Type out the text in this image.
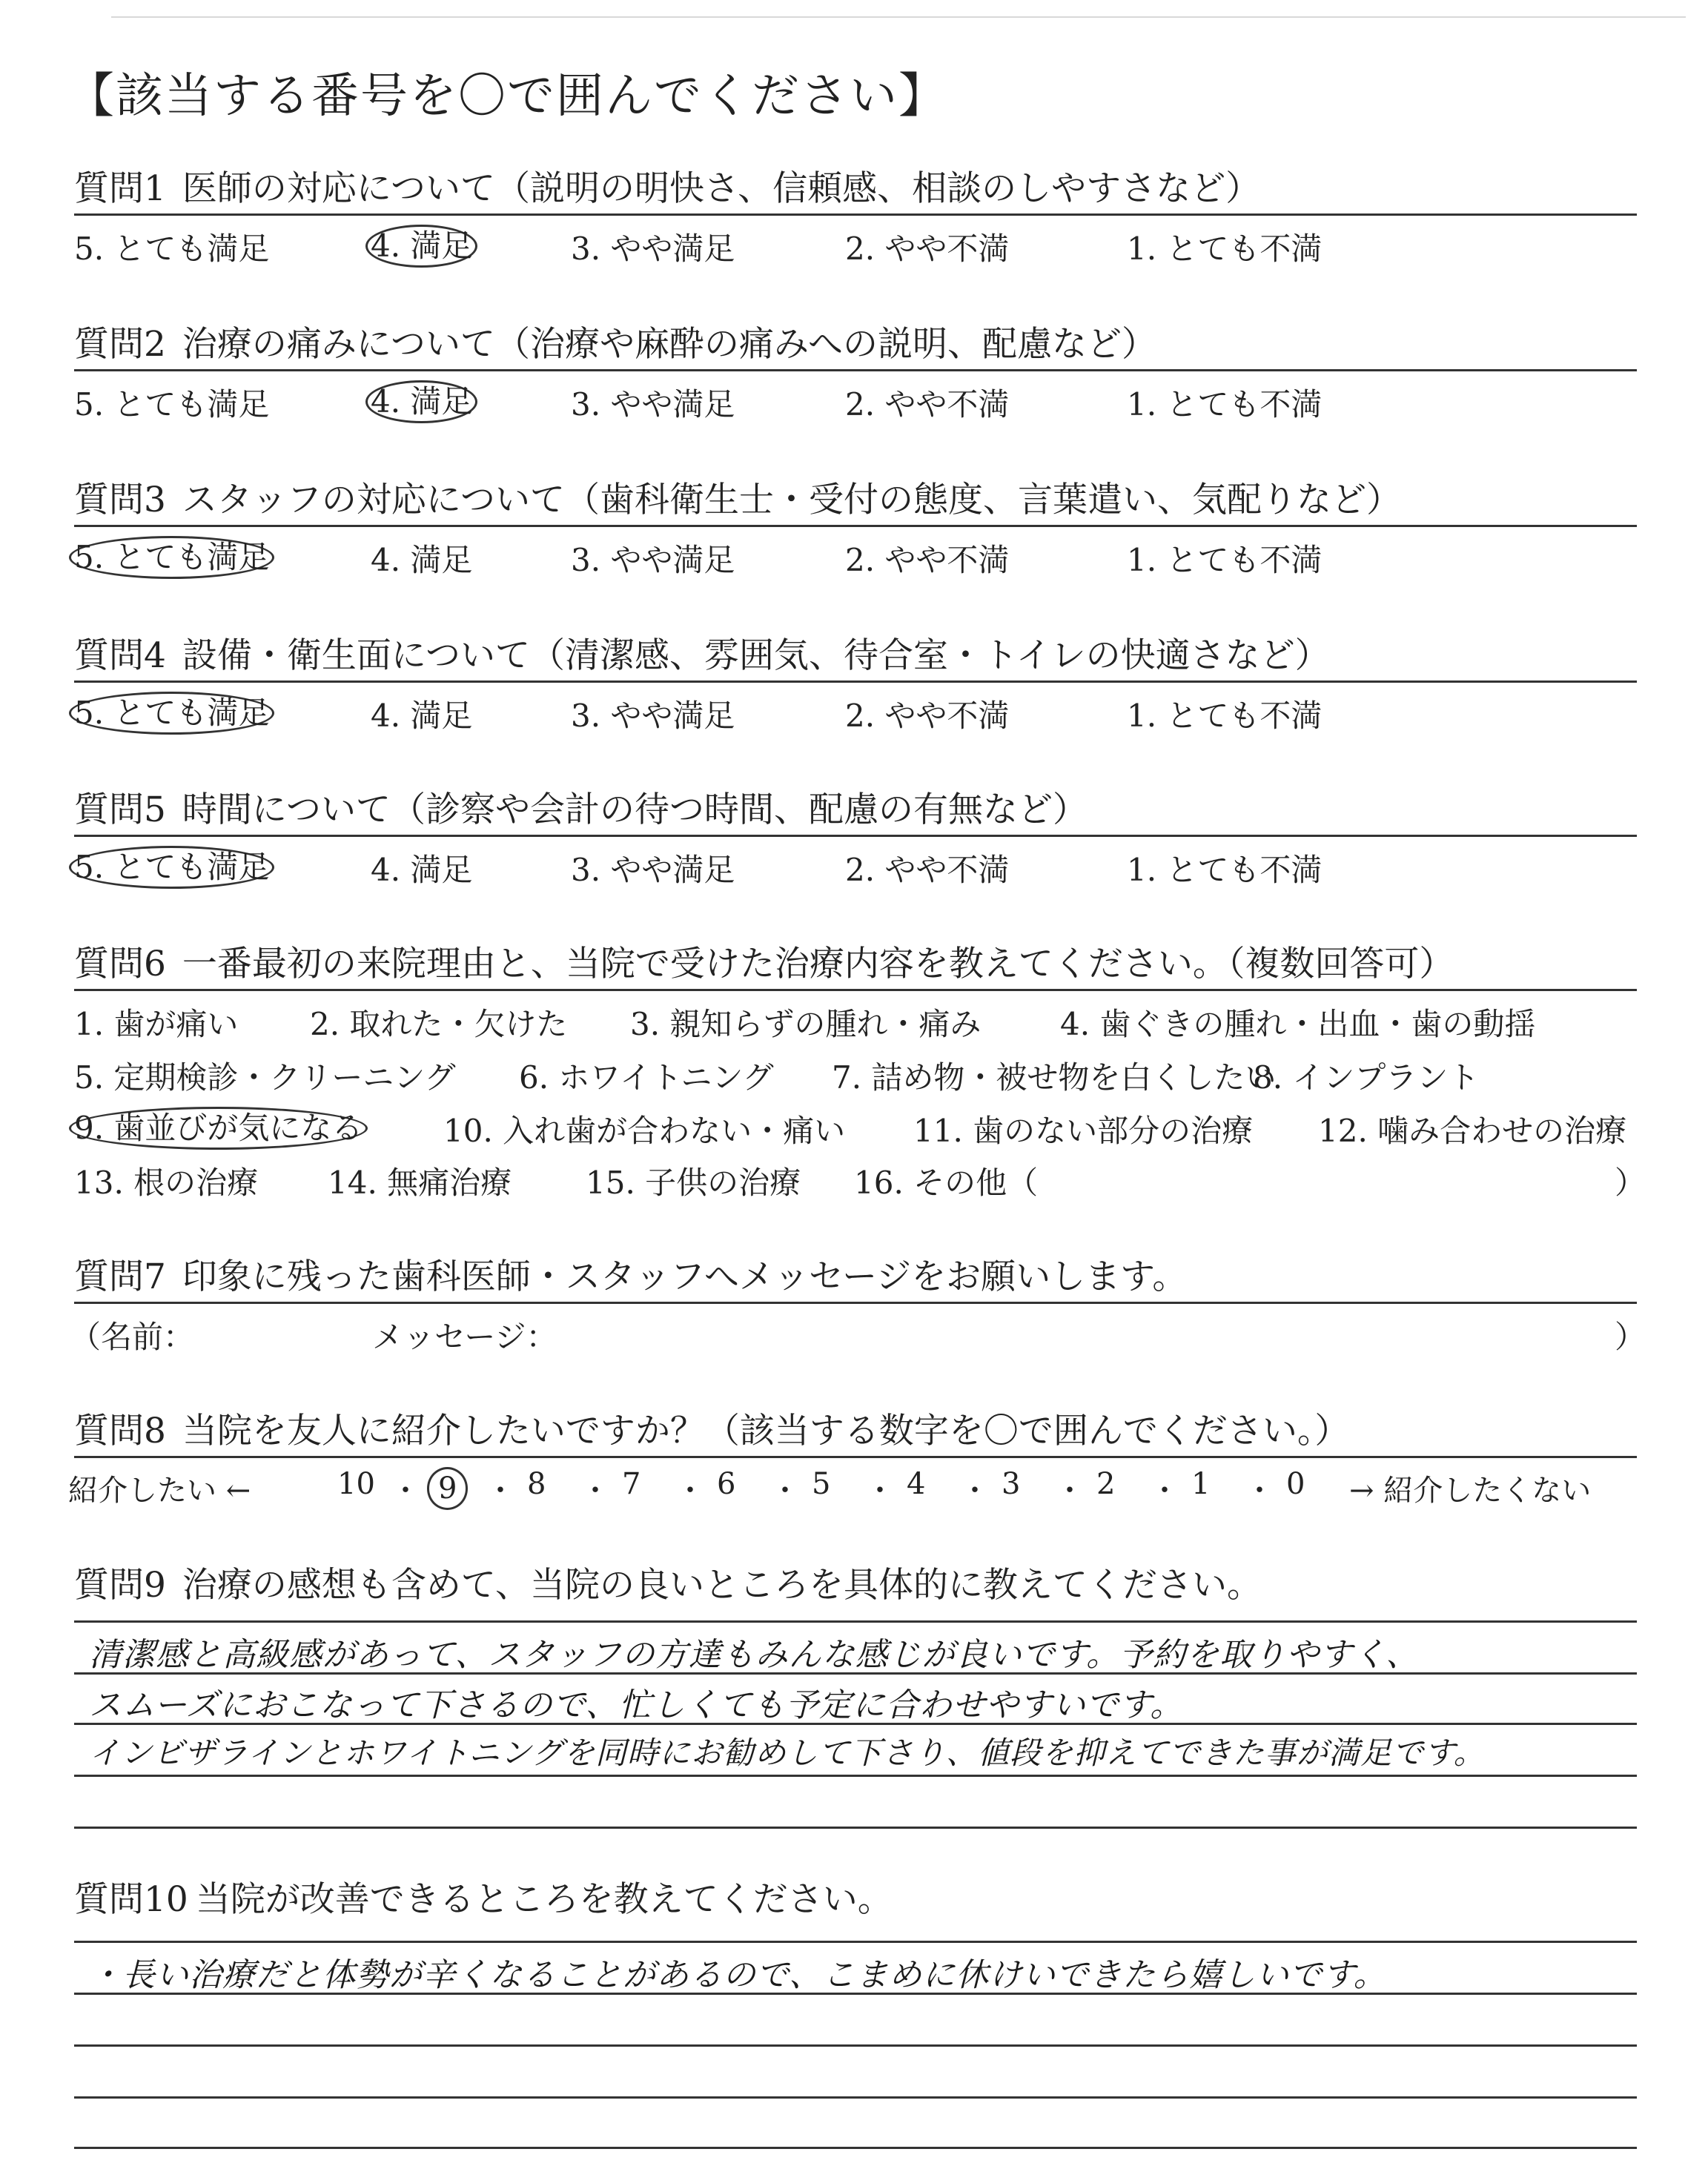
【該当する番号を〇で囲んでください】
質問1 医師の対応について（説明の明快さ、信頼感、相談のしやすさなど）
5. とても満足	4. 満足	3. やや満足	2. やや不満	1. とても不満
質問2 治療の痛みについて（治療や麻酔の痛みへの説明、配慮など）
5. とても満足	4. 満足	3. やや満足	2. やや不満	1. とても不満
質問3 スタッフの対応について（歯科衛生士・受付の態度、言葉遣い、気配りなど）
5. とても満足	4. 満足	3. やや満足	2. やや不満	1. とても不満
質問4 設備・衛生面について（清潔感、雰囲気、待合室・トイレの快適さなど）
5. とても満足	4. 満足	3. やや満足	2. やや不満	1. とても不満
質問5 時間について（診察や会計の待つ時間、配慮の有無など）
5. とても満足	4. 満足	3. やや満足	2. やや不満	1. とても不満
質問6 一番最初の来院理由と、当院で受けた治療内容を教えてください。（複数回答可）
1. 歯が痛い 2. 取れた・欠けた 3. 親知らずの腫れ・痛み	4. 歯ぐきの腫れ・出血・歯の動揺
5. 定期検診・クリーニング 6. ホワイトニング 7. 詰め物・被せ物を白くしたい
8. インプラント
9. 歯並びが気になる	10. 入れ歯が合わない・痛い 11. 歯のない部分の治療 12. 噛み合わせの治療
13. 根の治療 14. 無痛治療 15. 子供の治療 16. その他（	）
質問7 印象に残った歯科医師・スタッフへメッセージをお願いします。
（名前：	メッセージ：	）
質問8 当院を友人に紹介したいですか？（該当する数字を〇で囲んでください。）
紹介したい ←	→ 紹介したくない
10 ・ 9 ・ 8 ・ 7 ・ 6 ・ 5 ・ 4 ・ 3 ・ 2 ・ 1 ・ 0
質問9 治療の感想も含めて、当院の良いところを具体的に教えてください。
清潔感と高級感があって、スタッフの方達もみんな感じが良いです。予約を取りやすく、
スムーズにおこなって下さるので、忙しくても予定に合わせやすいです。
インビザラインとホワイトニングを同時にお勧めして下さり、値段を抑えてできた事が満足です。
質問10 当院が改善できるところを教えてください。
・長い治療だと体勢が辛くなることがあるので、こまめに休けいできたら嬉しいです。
